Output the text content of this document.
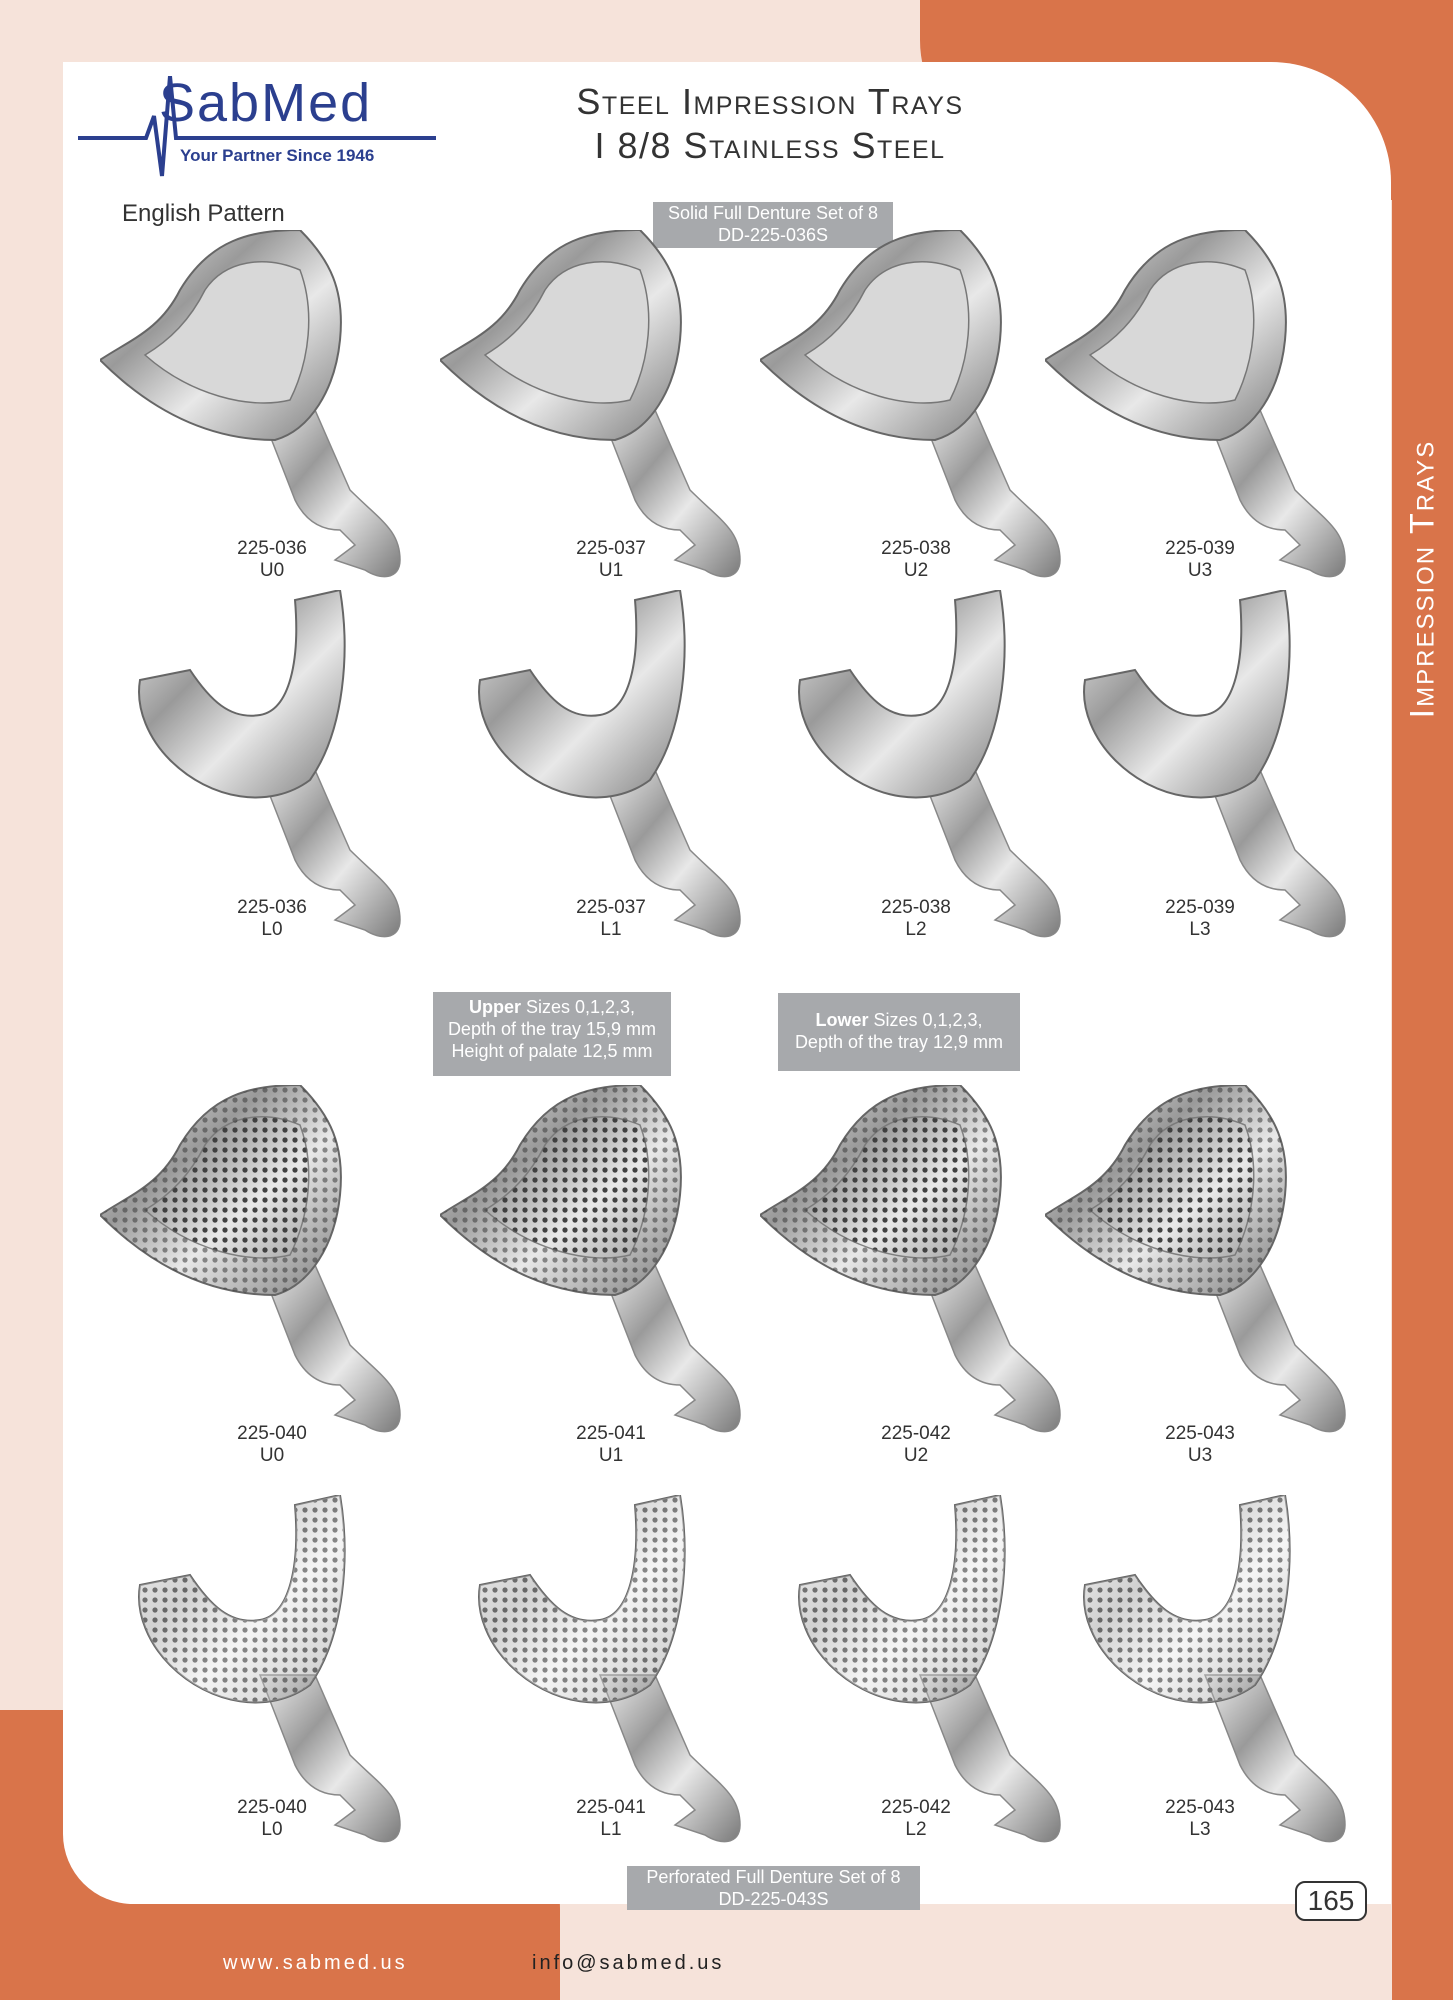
Impression Trays
SabMed
Your Partner Since 1946
Steel Impression Trays
I 8/8 Stainless Steel
English Pattern	Solid Full Denture Set of 8
DD-225-036S
Upper Sizes 0,1,2,3,
Depth of the tray 15,9 mm
Height of palate 12,5 mm
Lower Sizes 0,1,2,3,
Depth of the tray 12,9 mm
Perforated Full Denture Set of 8
DD-225-043S
225-036
U0
225-037
U1
225-038
U2
225-039
U3
225-036
L0
225-037
L1
225-038
L2
225-039
L3
225-040
U0
225-041
U1
225-042
U2
225-043
U3
225-040
L0
225-041
L1
225-042
L2
225-043
L3
www.sabmed.us	info@sabmed.us
165
